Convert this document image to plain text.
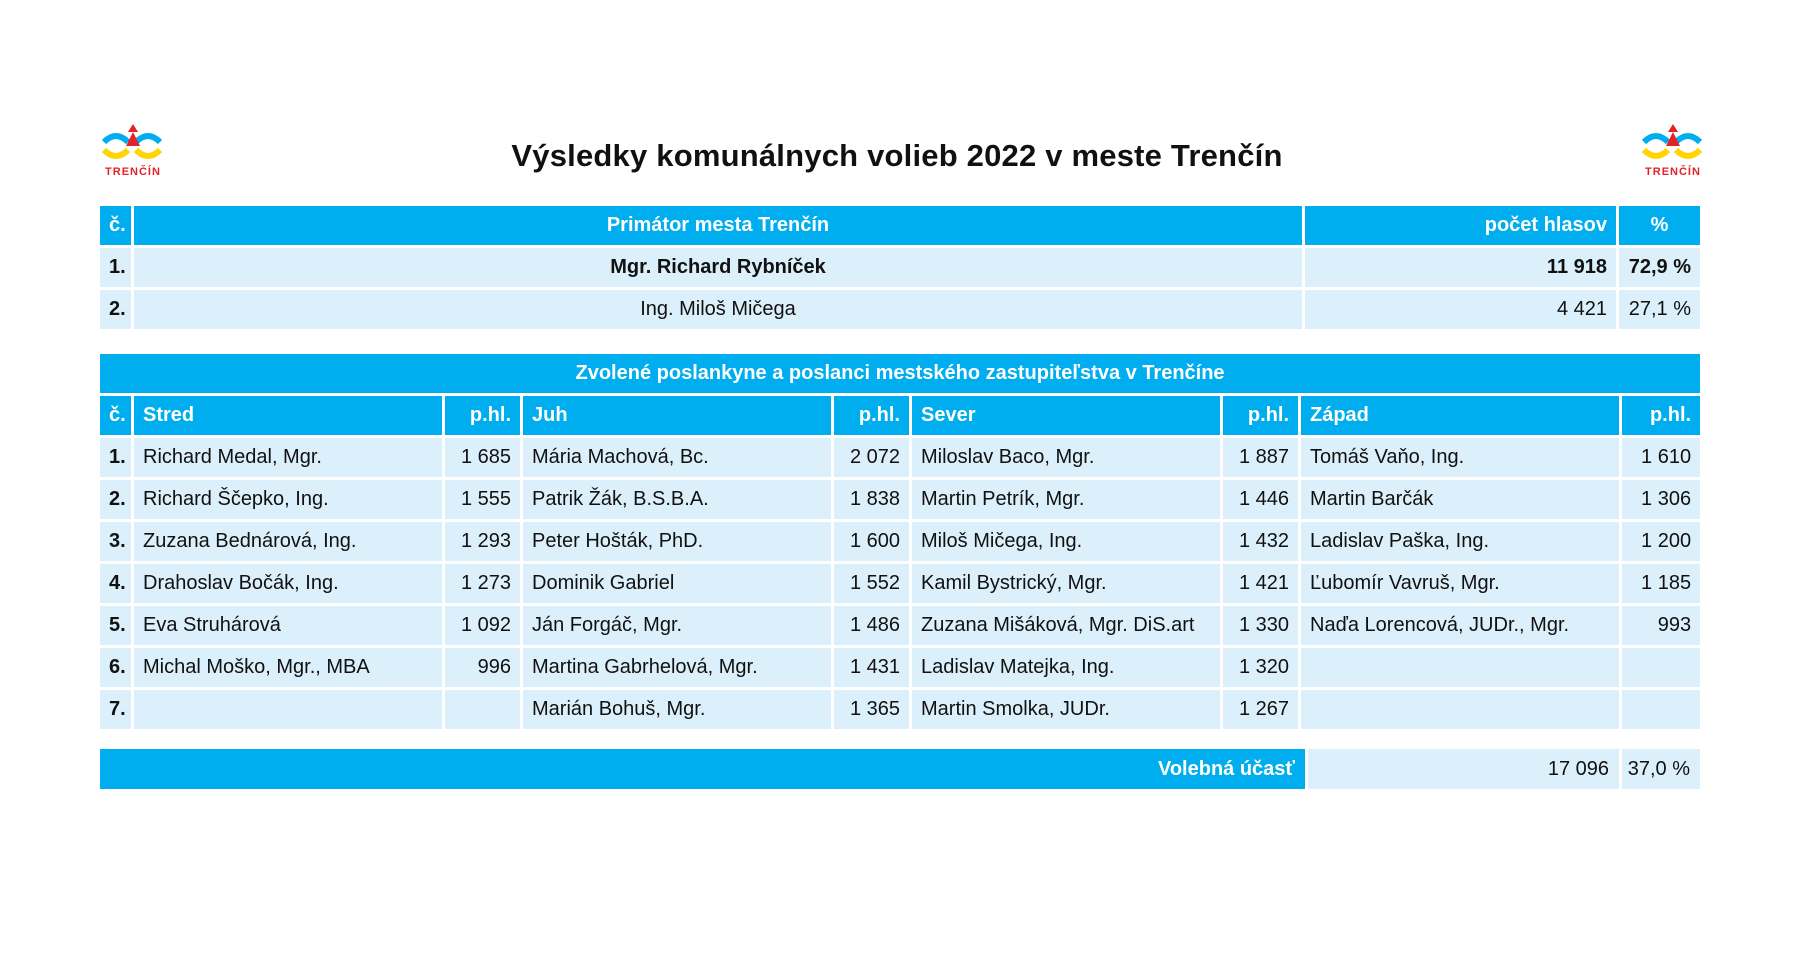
TRENČÍN	TRENČÍN
Výsledky komunálnych volieb 2022 v meste Trenčín
č.	Primátor mesta Trenčín	počet hlasov	%
1.	Mgr. Richard Rybníček	11 918	72,9 %
2.	Ing. Miloš Mičega	4 421	27,1 %
Zvolené poslankyne a poslanci mestského zastupiteľstva v Trenčíne								
č.	Stred	p.hl.	Juh	p.hl.	Sever	p.hl.	Západ	p.hl.
1.	Richard Medal, Mgr.	1 685	Mária Machová, Bc.	2 072	Miloslav Baco, Mgr.	1 887	Tomáš Vaňo, Ing.	1 610
2.	Richard Ščepko, Ing.	1 555	Patrik Žák, B.S.B.A.	1 838	Martin Petrík, Mgr.	1 446	Martin Barčák	1 306
3.	Zuzana Bednárová, Ing.	1 293	Peter Hošták, PhD.	1 600	Miloš Mičega, Ing.	1 432	Ladislav Paška, Ing.	1 200
4.	Drahoslav Bočák, Ing.	1 273	Dominik Gabriel	1 552	Kamil Bystrický, Mgr.	1 421	Ľubomír Vavruš, Mgr.	1 185
5.	Eva Struhárová	1 092	Ján Forgáč, Mgr.	1 486	Zuzana Mišáková, Mgr. DiS.art	1 330	Naďa Lorencová, JUDr., Mgr.	993
6.	Michal Moško, Mgr., MBA	996	Martina Gabrhelová, Mgr.	1 431	Ladislav Matejka, Ing.	1 320		
7.			Marián Bohuš, Mgr.	1 365	Martin Smolka, JUDr.	1 267		
Volebná účasť	17 096 37,0 %
